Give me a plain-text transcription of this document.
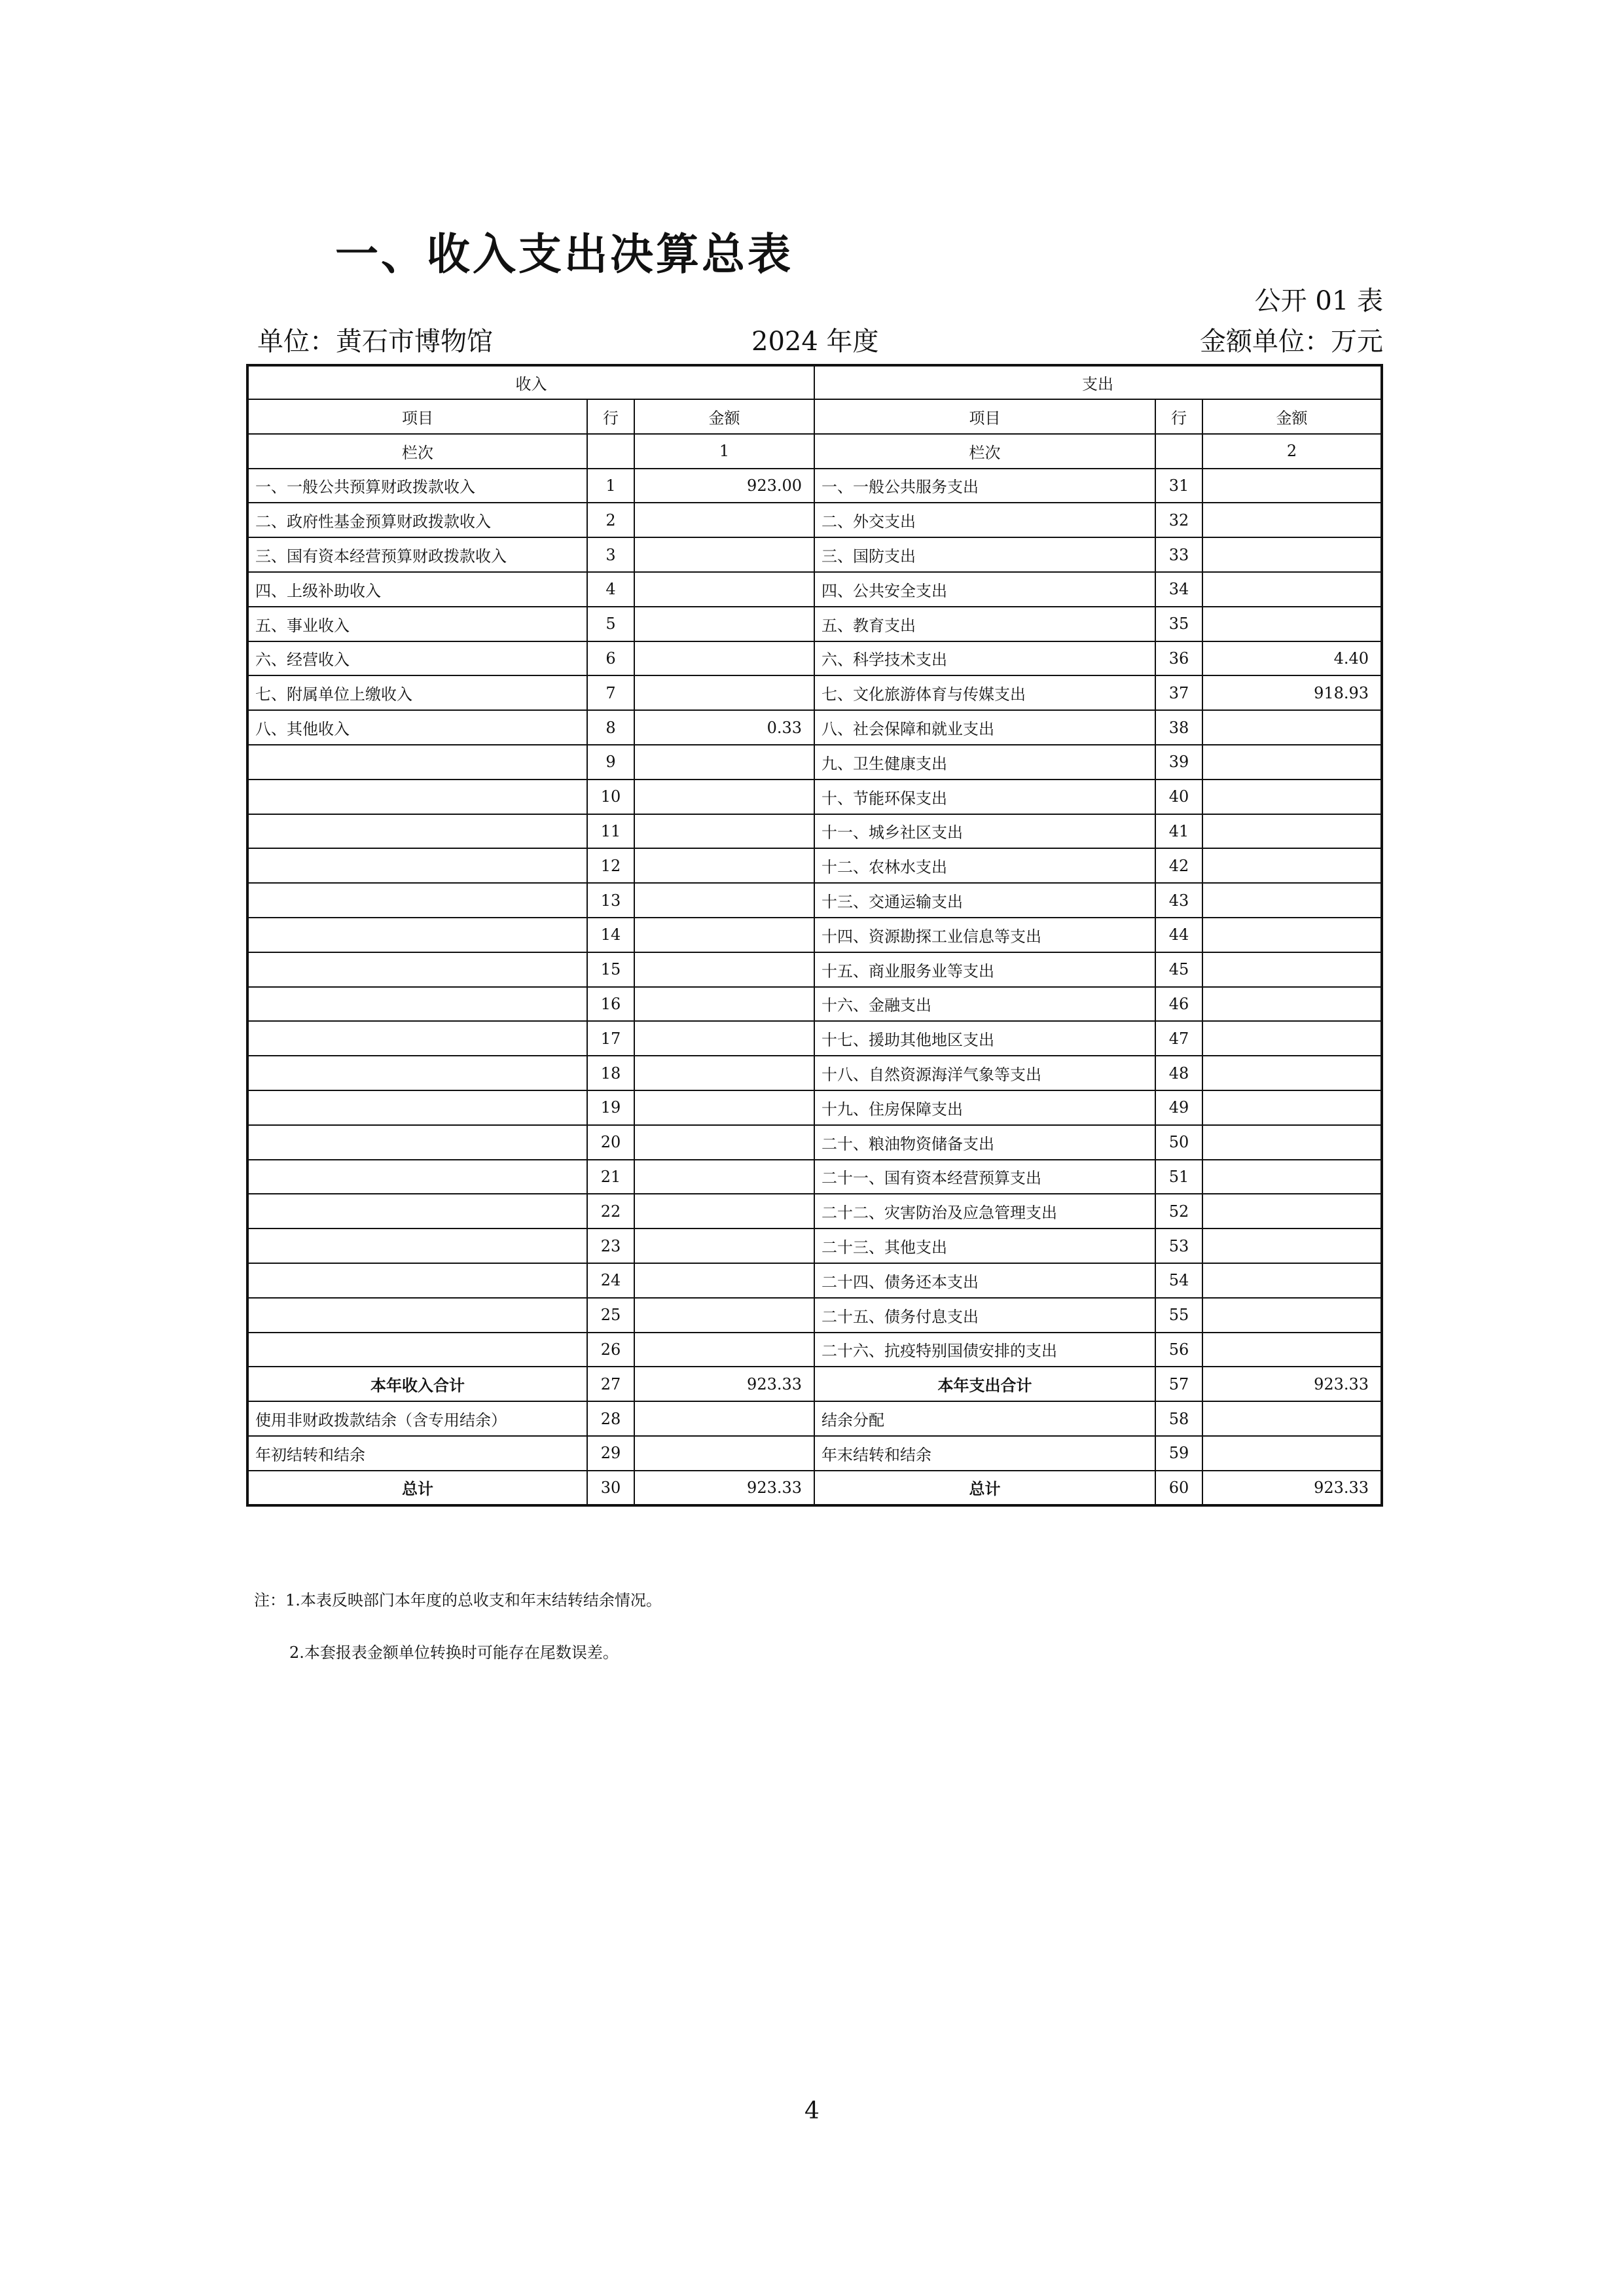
一、收入支出决算总表
公开 01 表
单位：黄石市博物馆	2024 年度	金额单位：万元
收入			支出		
项目	行	金额	项目	行	金额
栏次		1	栏次		2
一、一般公共预算财政拨款收入	1	923.00	一、一般公共服务支出	31	
二、政府性基金预算财政拨款收入	2		二、外交支出	32	
三、国有资本经营预算财政拨款收入	3		三、国防支出	33	
四、上级补助收入	4		四、公共安全支出	34	
五、事业收入	5		五、教育支出	35	
六、经营收入	6		六、科学技术支出	36	4.40
七、附属单位上缴收入	7		七、文化旅游体育与传媒支出	37	918.93
八、其他收入	8	0.33	八、社会保障和就业支出	38	
	9		九、卫生健康支出	39	
	10		十、节能环保支出	40	
	11		十一、城乡社区支出	41	
	12		十二、农林水支出	42	
	13		十三、交通运输支出	43	
	14		十四、资源勘探工业信息等支出	44	
	15		十五、商业服务业等支出	45	
	16		十六、金融支出	46	
	17		十七、援助其他地区支出	47	
	18		十八、自然资源海洋气象等支出	48	
	19		十九、住房保障支出	49	
	20		二十、粮油物资储备支出	50	
	21		二十一、国有资本经营预算支出	51	
	22		二十二、灾害防治及应急管理支出	52	
	23		二十三、其他支出	53	
	24		二十四、债务还本支出	54	
	25		二十五、债务付息支出	55	
	26		二十六、抗疫特别国债安排的支出	56	
本年收入合计	27	923.33	本年支出合计	57	923.33
使用非财政拨款结余（含专用结余）	28		结余分配	58	
年初结转和结余	29		年末结转和结余	59	
总计	30	923.33	总计	60	923.33
注：1.本表反映部门本年度的总收支和年末结转结余情况。
2.本套报表金额单位转换时可能存在尾数误差。
4
